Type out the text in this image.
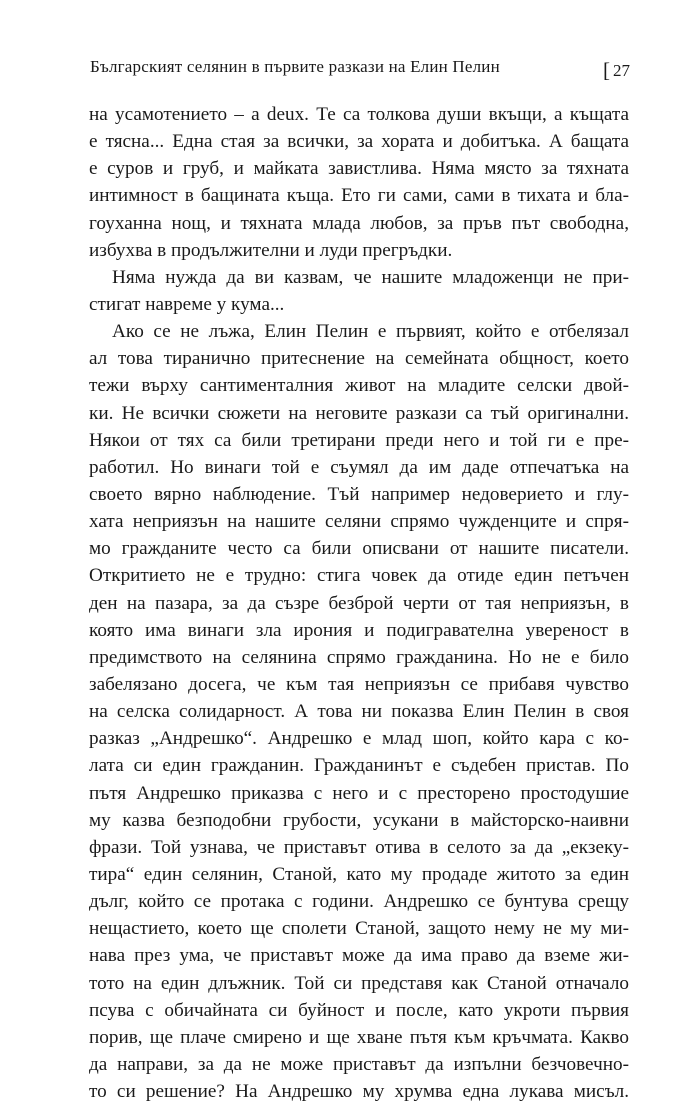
Българският селянин в първите разкази на Елин Пелин	[ 27
на усамотението – a deux. Те са толкова души вкъщи, а къщата
е тясна... Една стая за всички, за хората и добитъка. А бащата
е суров и груб, и майката завистлива. Няма място за тяхната
интимност в бащината къща. Ето ги сами, сами в тихата и бла-
гоуханна нощ, и тяхната млада любов, за пръв път свободна,
избухва в продължителни и луди прегръдки.
Няма нужда да ви казвам, че нашите младоженци не при-
стигат навреме у кума...
Ако се не лъжа, Елин Пелин е първият, който е отбелязал
ал това тиранично притеснение на семейната общност, което
тежи върху сантименталния живот на младите селски двой-
ки. Не всички сюжети на неговите разкази са тъй оригинални.
Някои от тях са били третирани преди него и той ги е пре-
работил. Но винаги той е съумял да им даде отпечатъка на
своето вярно наблюдение. Тъй например недоверието и глу-
хата неприязън на нашите селяни спрямо чужденците и спря-
мо гражданите често са били описвани от нашите писатели.
Откритието не е трудно: стига човек да отиде един петъчен
ден на пазара, за да съзре безброй черти от тая неприязън, в
която има винаги зла ирония и подигравателна увереност в
предимството на селянина спрямо гражданина. Но не е било
забелязано досега, че към тая неприязън се прибавя чувство
на селска солидарност. А това ни показва Елин Пелин в своя
разказ „Андрешко“. Андрешко е млад шоп, който кара с ко-
лата си един гражданин. Гражданинът е съдебен пристав. По
пътя Андрешко приказва с него и с престорено простодушие
му казва безподобни грубости, усукани в майсторско-наивни
фрази. Той узнава, че приставът отива в селото за да „екзеку-
тира“ един селянин, Станой, като му продаде житото за един
дълг, който се протака с години. Андрешко се бунтува срещу
нещастието, което ще сполети Станой, защото нему не му ми-
нава през ума, че приставът може да има право да вземе жи-
тото на един длъжник. Той си представя как Станой отначало
псува с обичайната си буйност и после, като укроти първия
порив, ще плаче смирено и ще хване пътя към кръчмата. Какво
да направи, за да не може приставът да изпълни безчовечно-
то си решение? На Андрешко му хрумва една лукава мисъл.
